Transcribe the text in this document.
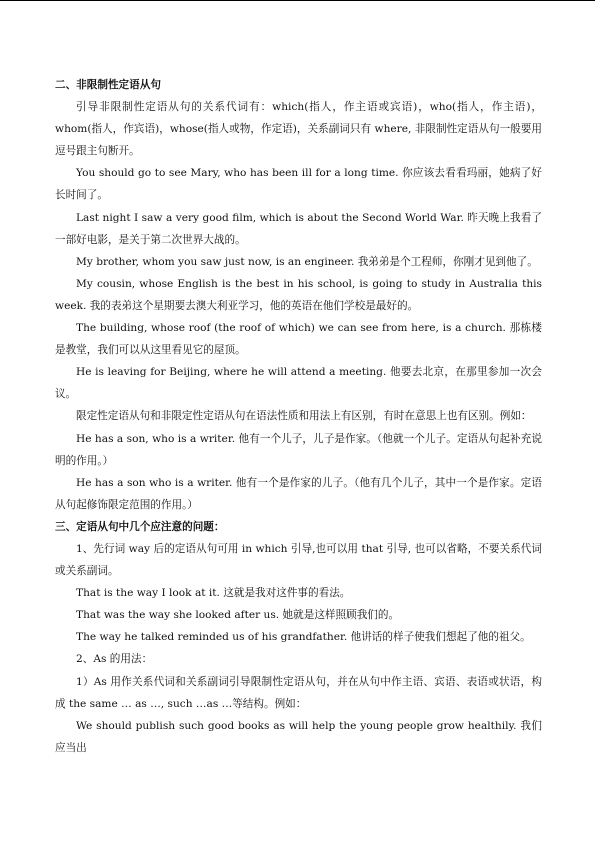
二、非限制性定语从句

引导非限制性定语从句的关系代词有：which(指人，作主语或宾语)，who(指人，作主语)，whom(指人，作宾语)，whose(指人或物，作定语)，关系副词只有 where, 非限制性定语从句一般要用逗号跟主句断开。

You should go to see Mary, who has been ill for a long time. 你应该去看看玛丽，她病了好长时间了。

Last night I saw a very good film, which is about the Second World War. 昨天晚上我看了一部好电影，是关于第二次世界大战的。

My brother, whom you saw just now, is an engineer. 我弟弟是个工程师，你刚才见到他了。

My cousin, whose English is the best in his school, is going to study in Australia this week. 我的表弟这个星期要去澳大利亚学习，他的英语在他们学校是最好的。

The building, whose roof (the roof of which) we can see from here, is a church. 那栋楼是教堂，我们可以从这里看见它的屋顶。

He is leaving for Beijing, where he will attend a meeting. 他要去北京，在那里参加一次会议。

限定性定语从句和非限定性定语从句在语法性质和用法上有区别，有时在意思上也有区别。例如：

He has a son, who is a writer. 他有一个儿子，儿子是作家。（他就一个儿子。定语从句起补充说明的作用。）

He has a son who is a writer. 他有一个是作家的儿子。（他有几个儿子，其中一个是作家。定语从句起修饰限定范围的作用。）

三、定语从句中几个应注意的问题：

1、先行词 way 后的定语从句可用 in which 引导,也可以用 that 引导, 也可以省略，不要关系代词或关系副词。

That is the way I look at it. 这就是我对这件事的看法。

That was the way she looked after us. 她就是这样照顾我们的。

The way he talked reminded us of his grandfather. 他讲话的样子使我们想起了他的祖父。

2、As 的用法：

1）As 用作关系代词和关系副词引导限制性定语从句，并在从句中作主语、宾语、表语或状语，构成 the same … as …, such …as …等结构。例如：

We should publish such good books as will help the young people grow healthily. 我们应当出
